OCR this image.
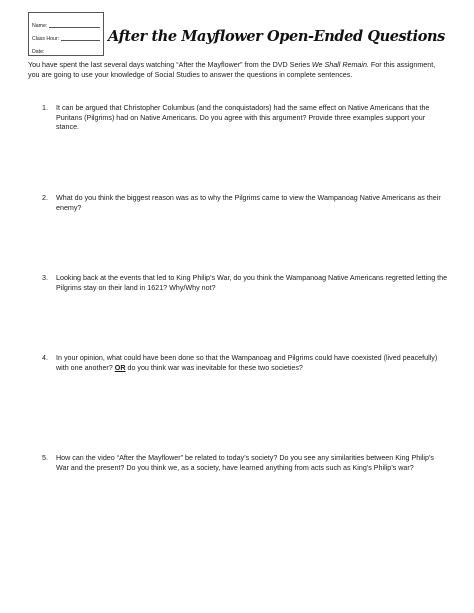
Name:
Class Hour:
Date:
After the Mayflower Open-Ended Questions
You have spent the last several days watching “After the Mayflower” from the DVD Series We Shall Remain. For this assignment, you are going to use your knowledge of Social Studies to answer the questions in complete sentences.
1.	It can be argued that Christopher Columbus (and the conquistadors) had the same effect on Native Americans that the Puritans (Pilgrims) had on Native Americans. Do you agree with this argument? Provide three examples support your stance.
2.	What do you think the biggest reason was as to why the Pilgrims came to view the Wampanoag Native Americans as their enemy?
3.	Looking back at the events that led to King Philip’s War, do you think the Wampanoag Native Americans regretted letting the Pilgrims stay on their land in 1621? Why/Why not?
4.	In your opinion, what could have been done so that the Wampanoag and Pilgrims could have coexisted (lived peacefully) with one another? OR do you think war was inevitable for these two societies?
5.	How can the video “After the Mayflower” be related to today’s society? Do you see any similarities between King Philip’s War and the present? Do you think we, as a society, have learned anything from acts such as King’s Philip’s war?
